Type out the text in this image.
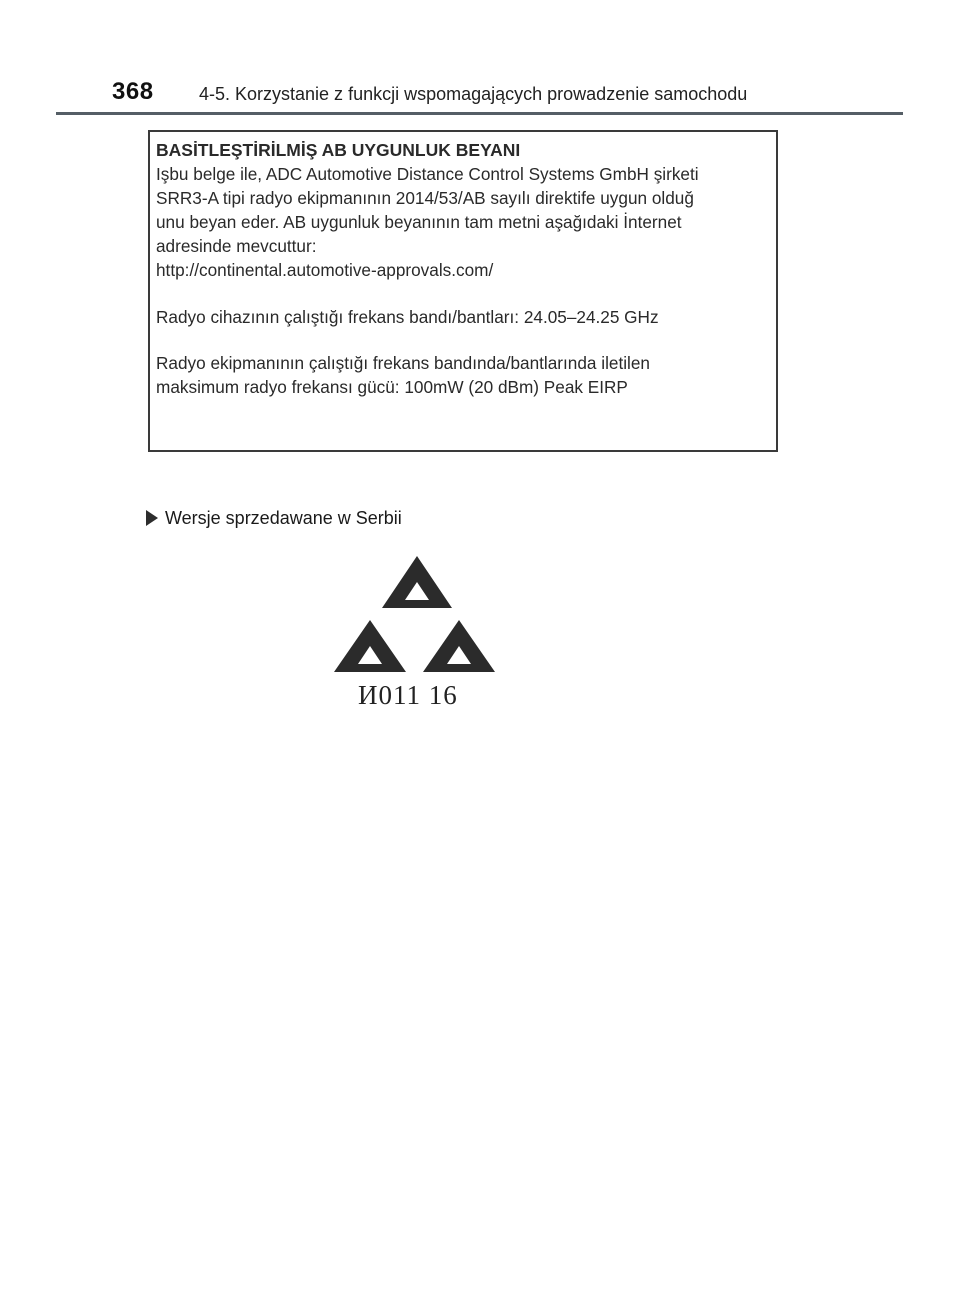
368	4-5. Korzystanie z funkcji wspomagających prowadzenie samochodu

BASİTLEŞTİRİLMİŞ AB UYGUNLUK BEYANI

Işbu belge ile, ADC Automotive Distance Control Systems GmbH şirketi

SRR3-A tipi radyo ekipmanının 2014/53/AB sayılı direktife uygun olduğ

unu beyan eder. AB uygunluk beyanının tam metni aşağıdaki İnternet

adresinde mevcuttur:

http://continental.automotive-approvals.com/

Radyo cihazının çalıştığı frekans bandı/bantları: 24.05–24.25 GHz

Radyo ekipmanının çalıştığı frekans bandında/bantlarında iletilen

maksimum radyo frekansı gücü: 100mW (20 dBm) Peak EIRP

Wersje sprzedawane w Serbii
И011 16
